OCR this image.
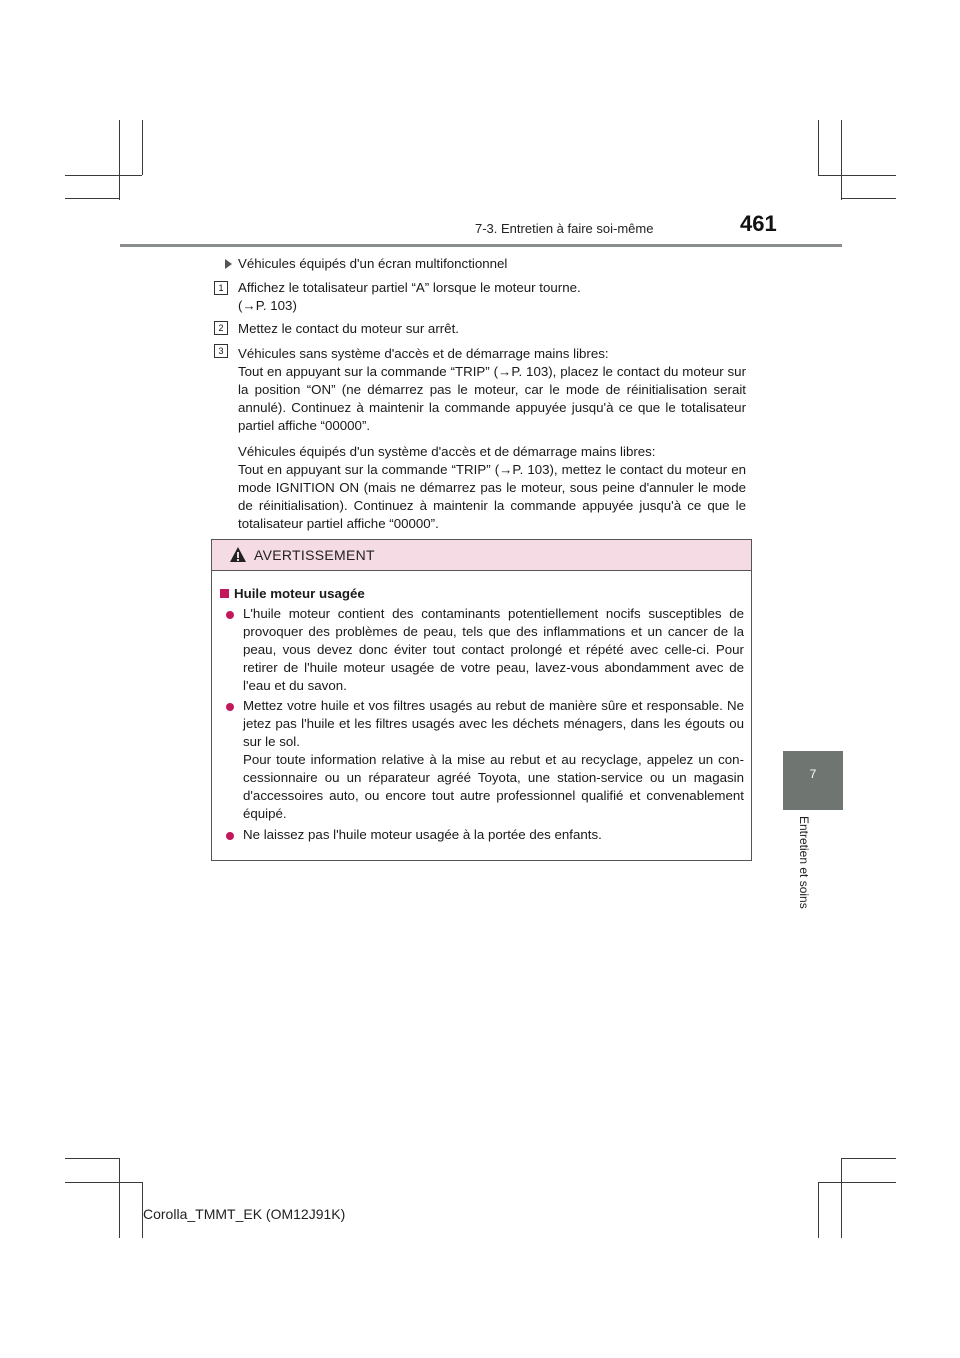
7-3. Entretien à faire soi-même	461
7
Entretien et soins
Véhicules équipés d'un écran multifonctionnel
1	Affichez le totalisateur partiel “A” lorsque le moteur tourne.
(→P. 103)
2	Mettez le contact du moteur sur arrêt.
3	Véhicules sans système d'accès et de démarrage mains libres:
Tout en appuyant sur la commande “TRIP” (→P. 103), placez le contact du moteur sur la position “ON” (ne démarrez pas le moteur, car le mode de réinitialisation serait annulé). Continuez à maintenir la commande appuyée jusqu'à ce que le totalisateur partiel affiche “00000”.
Véhicules équipés d'un système d'accès et de démarrage mains libres:
Tout en appuyant sur la commande “TRIP” (→P. 103), mettez le contact du moteur en mode IGNITION ON (mais ne démarrez pas le moteur, sous peine d'annuler le mode de réinitialisation). Continuez à maintenir la commande appuyée jusqu'à ce que le totalisateur partiel affiche “00000”.
AVERTISSEMENT
Huile moteur usagée
L'huile moteur contient des contaminants potentiellement nocifs susceptibles de provoquer des problèmes de peau, tels que des inflammations et un cancer de la peau, vous devez donc éviter tout contact prolongé et répété avec celle-ci. Pour retirer de l'huile moteur usagée de votre peau, lavez-vous abondamment avec de l'eau et du savon.
Mettez votre huile et vos filtres usagés au rebut de manière sûre et responsable. Ne jetez pas l'huile et les filtres usagés avec les déchets ménagers, dans les égouts ou sur le sol.
Pour toute information relative à la mise au rebut et au recyclage, appelez un con-cessionnaire ou un réparateur agréé Toyota, une station-service ou un magasin d'accessoires auto, ou encore tout autre professionnel qualifié et convenablement équipé.
Ne laissez pas l'huile moteur usagée à la portée des enfants.
Corolla_TMMT_EK (OM12J91K)
